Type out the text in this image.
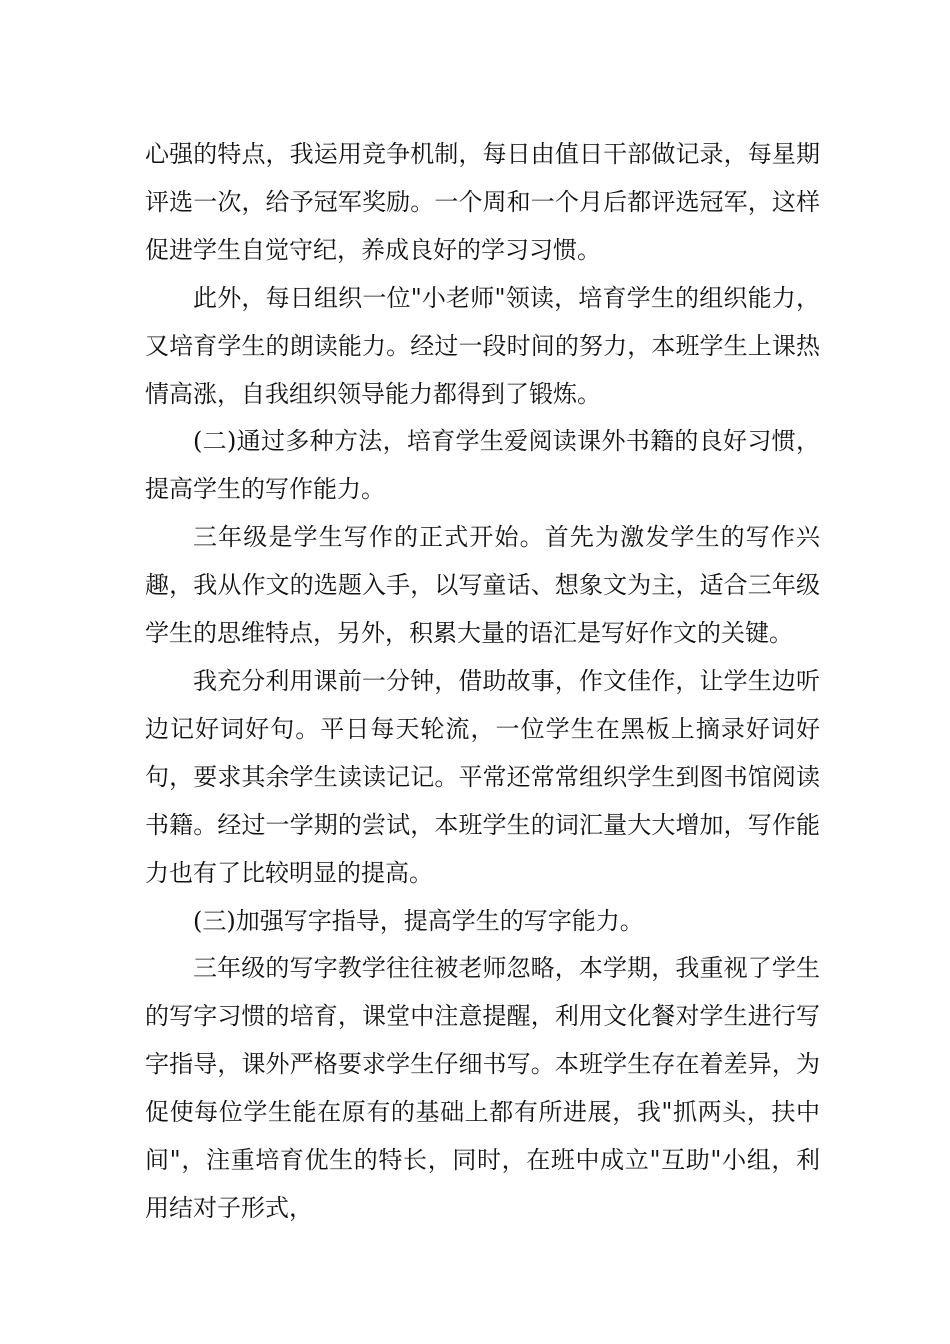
心强的特点，我运用竞争机制，每日由值日干部做记录，每星期评选一次，给予冠军奖励。一个周和一个月后都评选冠军，这样促进学生自觉守纪，养成良好的学习习惯。

此外，每日组织一位"小老师"领读，培育学生的组织能力，又培育学生的朗读能力。经过一段时间的努力，本班学生上课热情高涨，自我组织领导能力都得到了锻炼。

(二)通过多种方法，培育学生爱阅读课外书籍的良好习惯，提高学生的写作能力。

三年级是学生写作的正式开始。首先为激发学生的写作兴趣，我从作文的选题入手，以写童话、想象文为主，适合三年级学生的思维特点，另外，积累大量的语汇是写好作文的关键。

我充分利用课前一分钟，借助故事，作文佳作，让学生边听边记好词好句。平日每天轮流，一位学生在黑板上摘录好词好句，要求其余学生读读记记。平常还常常组织学生到图书馆阅读书籍。经过一学期的尝试，本班学生的词汇量大大增加，写作能力也有了比较明显的提高。

(三)加强写字指导，提高学生的写字能力。

三年级的写字教学往往被老师忽略，本学期，我重视了学生的写字习惯的培育，课堂中注意提醒，利用文化餐对学生进行写字指导，课外严格要求学生仔细书写。本班学生存在着差异，为促使每位学生能在原有的基础上都有所进展，我"抓两头，扶中间"，注重培育优生的特长，同时，在班中成立"互助"小组，利用结对子形式，
